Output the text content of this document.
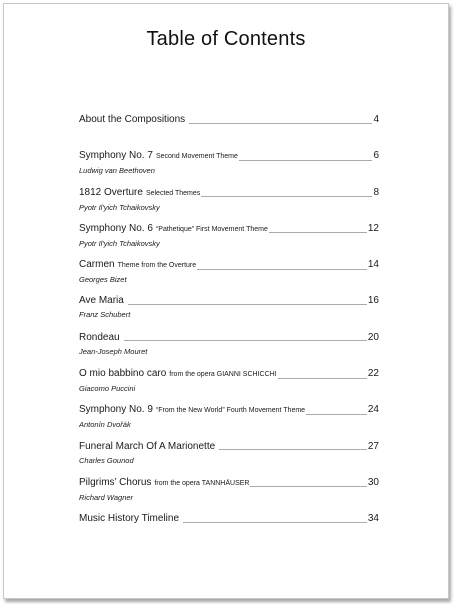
Table of Contents
About the Compositions	4
Symphony No. 7 Second Movement Theme	6
Ludwig van Beethoven
1812 Overture Selected Themes	8
Pyotr Il'yich Tchaikovsky
Symphony No. 6 “Pathetique” First Movement Theme	12
Pyotr Il'yich Tchaikovsky
Carmen Theme from the Overture	14
Georges Bizet
Ave Maria	16
Franz Schubert
Rondeau	20
Jean-Joseph Mouret
O mio babbino caro from the opera GIANNI SCHICCHI	22
Giacomo Puccini
Symphony No. 9 “From the New World” Fourth Movement Theme	24
Antonín Dvořák
Funeral March Of A Marionette	27
Charles Gounod
Pilgrims’ Chorus from the opera TANNHÄUSER	30
Richard Wagner
Music History Timeline	34
